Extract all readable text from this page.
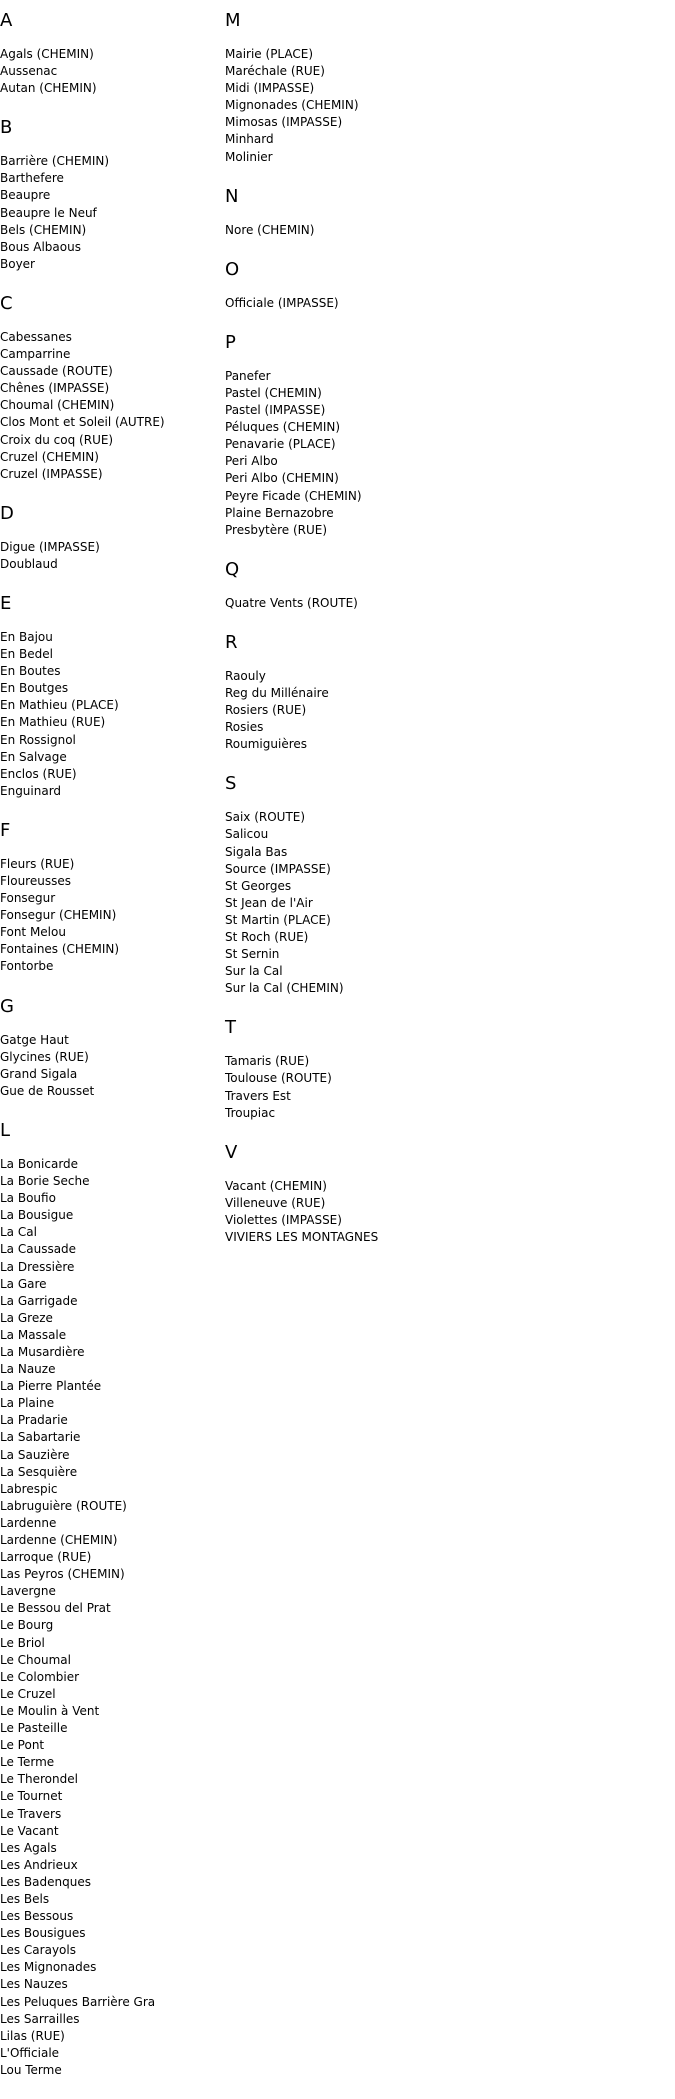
A
Agals (CHEMIN)
Aussenac
Autan (CHEMIN)
B
Barrière (CHEMIN)
Barthefere
Beaupre
Beaupre le Neuf
Bels (CHEMIN)
Bous Albaous
Boyer
C
Cabessanes
Camparrine
Caussade (ROUTE)
Chênes (IMPASSE)
Choumal (CHEMIN)
Clos Mont et Soleil (AUTRE)
Croix du coq (RUE)
Cruzel (CHEMIN)
Cruzel (IMPASSE)
D
Digue (IMPASSE)
Doublaud
E
En Bajou
En Bedel
En Boutes
En Boutges
En Mathieu (PLACE)
En Mathieu (RUE)
En Rossignol
En Salvage
Enclos (RUE)
Enguinard
F
Fleurs (RUE)
Floureusses
Fonsegur
Fonsegur (CHEMIN)
Font Melou
Fontaines (CHEMIN)
Fontorbe
G
Gatge Haut
Glycines (RUE)
Grand Sigala
Gue de Rousset
L
La Bonicarde
La Borie Seche
La Boufio
La Bousigue
La Cal
La Caussade
La Dressière
La Gare
La Garrigade
La Greze
La Massale
La Musardière
La Nauze
La Pierre Plantée
La Plaine
La Pradarie
La Sabartarie
La Sauzière
La Sesquière
Labrespic
Labruguière (ROUTE)
Lardenne
Lardenne (CHEMIN)
Larroque (RUE)
Las Peyros (CHEMIN)
Lavergne
Le Bessou del Prat
Le Bourg
Le Briol
Le Choumal
Le Colombier
Le Cruzel
Le Moulin à Vent
Le Pasteille
Le Pont
Le Terme
Le Therondel
Le Tournet
Le Travers
Le Vacant
Les Agals
Les Andrieux
Les Badenques
Les Bels
Les Bessous
Les Bousigues
Les Carayols
Les Mignonades
Les Nauzes
Les Peluques Barrière Gra
Les Sarrailles
Lilas (RUE)
L'Officiale
Lou Terme
M
Mairie (PLACE)
Maréchale (RUE)
Midi (IMPASSE)
Mignonades (CHEMIN)
Mimosas (IMPASSE)
Minhard
Molinier
N
Nore (CHEMIN)
O
Officiale (IMPASSE)
P
Panefer
Pastel (CHEMIN)
Pastel (IMPASSE)
Péluques (CHEMIN)
Penavarie (PLACE)
Peri Albo
Peri Albo (CHEMIN)
Peyre Ficade (CHEMIN)
Plaine Bernazobre
Presbytère (RUE)
Q
Quatre Vents (ROUTE)
R
Raouly
Reg du Millénaire
Rosiers (RUE)
Rosies
Roumiguières
S
Saix (ROUTE)
Salicou
Sigala Bas
Source (IMPASSE)
St Georges
St Jean de l'Air
St Martin (PLACE)
St Roch (RUE)
St Sernin
Sur la Cal
Sur la Cal (CHEMIN)
T
Tamaris (RUE)
Toulouse (ROUTE)
Travers Est
Troupiac
V
Vacant (CHEMIN)
Villeneuve (RUE)
Violettes (IMPASSE)
VIVIERS LES MONTAGNES
